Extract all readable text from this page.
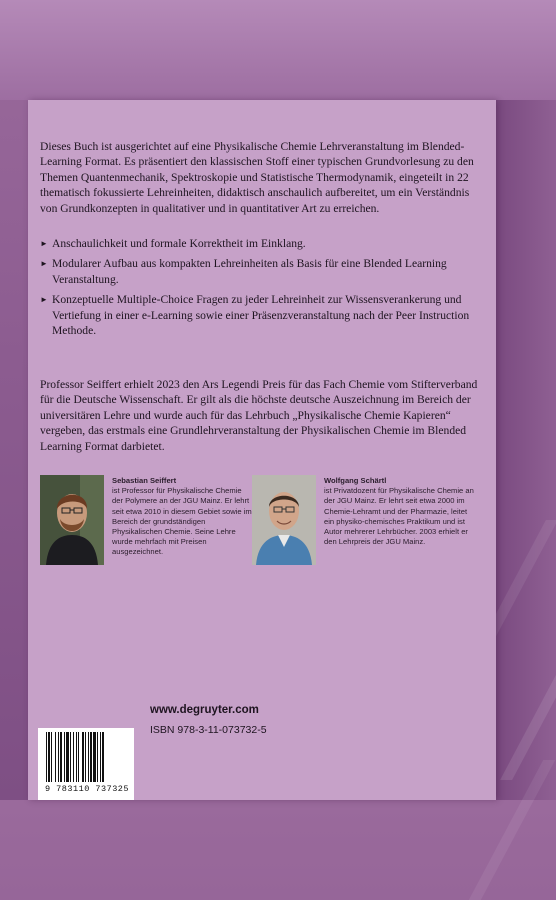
Dieses Buch ist ausgerichtet auf eine Physikalische Chemie Lehrveranstaltung im Blended-Learning Format. Es präsentiert den klassischen Stoff einer typischen Grundvorlesung zu den Themen Quantenmechanik, Spektroskopie und Statistische Thermodynamik, eingeteilt in 22 thematisch fokussierte Lehreinheiten, didaktisch anschaulich aufbereitet, um ein Verständnis von Grundkonzepten in qualitativer und in quantitativer Art zu erreichen.

► Anschaulichkeit und formale Korrektheit im Einklang.
► Modularer Aufbau aus kompakten Lehreinheiten als Basis für eine Blended Learning Veranstaltung.
► Konzeptuelle Multiple-Choice Fragen zu jeder Lehreinheit zur Wissensverankerung und Vertiefung in einer e-Learning sowie einer Präsenzveranstaltung nach der Peer Instruction Methode.

Professor Seiffert erhielt 2023 den Ars Legendi Preis für das Fach Chemie vom Stifterverband für die Deutsche Wissenschaft. Er gilt als die höchste deutsche Auszeichnung im Bereich der universitären Lehre und wurde auch für das Lehrbuch „Physikalische Chemie Kapieren“ vergeben, das erstmals eine Grundlehrveranstaltung der Physikalischen Chemie im Blended Learning Format darbietet.

Sebastian Seiffert
ist Professor für Physikalische Chemie der Polymere an der JGU Mainz. Er lehrt seit etwa 2010 in diesem Gebiet sowie im Bereich der grundständigen Physikalischen Chemie. Seine Lehre wurde mehrfach mit Preisen ausgezeichnet.
Wolfgang Schärtl
ist Privatdozent für Physikalische Chemie an der JGU Mainz. Er lehrt seit etwa 2000 im Chemie-Lehramt und der Pharmazie, leitet ein physiko-chemisches Praktikum und ist Autor mehrerer Lehrbücher. 2003 erhielt er den Lehrpreis der JGU Mainz.
www.degruyter.com
ISBN 978-3-11-073732-5
9 783110 737325
